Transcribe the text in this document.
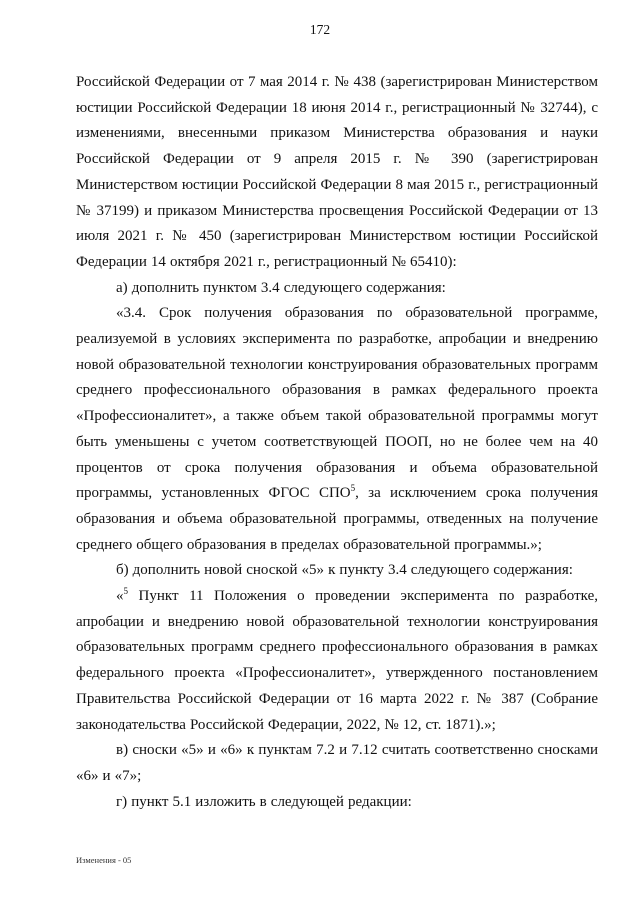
172

Российской Федерации от 7 мая 2014 г. № 438 (зарегистрирован Министерством юстиции Российской Федерации 18 июня 2014 г., регистрационный № 32744), с изменениями, внесенными приказом Министерства образования и науки Российской Федерации от 9 апреля 2015 г. № 390 (зарегистрирован Министерством юстиции Российской Федерации 8 мая 2015 г., регистрационный № 37199) и приказом Министерства просвещения Российской Федерации от 13 июля 2021 г. № 450 (зарегистрирован Министерством юстиции Российской Федерации 14 октября 2021 г., регистрационный № 65410):

а) дополнить пунктом 3.4 следующего содержания:

«3.4. Срок получения образования по образовательной программе, реализуемой в условиях эксперимента по разработке, апробации и внедрению новой образовательной технологии конструирования образовательных программ среднего профессионального образования в рамках федерального проекта «Профессионалитет», а также объем такой образовательной программы могут быть уменьшены с учетом соответствующей ПООП, но не более чем на 40 процентов от срока получения образования и объема образовательной программы, установленных ФГОС СПО$^5$, за исключением срока получения образования и объема образовательной программы, отведенных на получение среднего общего образования в пределах образовательной программы.»;

б) дополнить новой сноской «5» к пункту 3.4 следующего содержания:

«$^5$ Пункт 11 Положения о проведении эксперимента по разработке, апробации и внедрению новой образовательной технологии конструирования образовательных программ среднего профессионального образования в рамках федерального проекта «Профессионалитет», утвержденного постановлением Правительства Российской Федерации от 16 марта 2022 г. № 387 (Собрание законодательства Российской Федерации, 2022, № 12, ст. 1871).»;

в) сноски «5» и «6» к пунктам 7.2 и 7.12 считать соответственно сносками «6» и «7»;

г) пункт 5.1 изложить в следующей редакции:

Изменения - 05
